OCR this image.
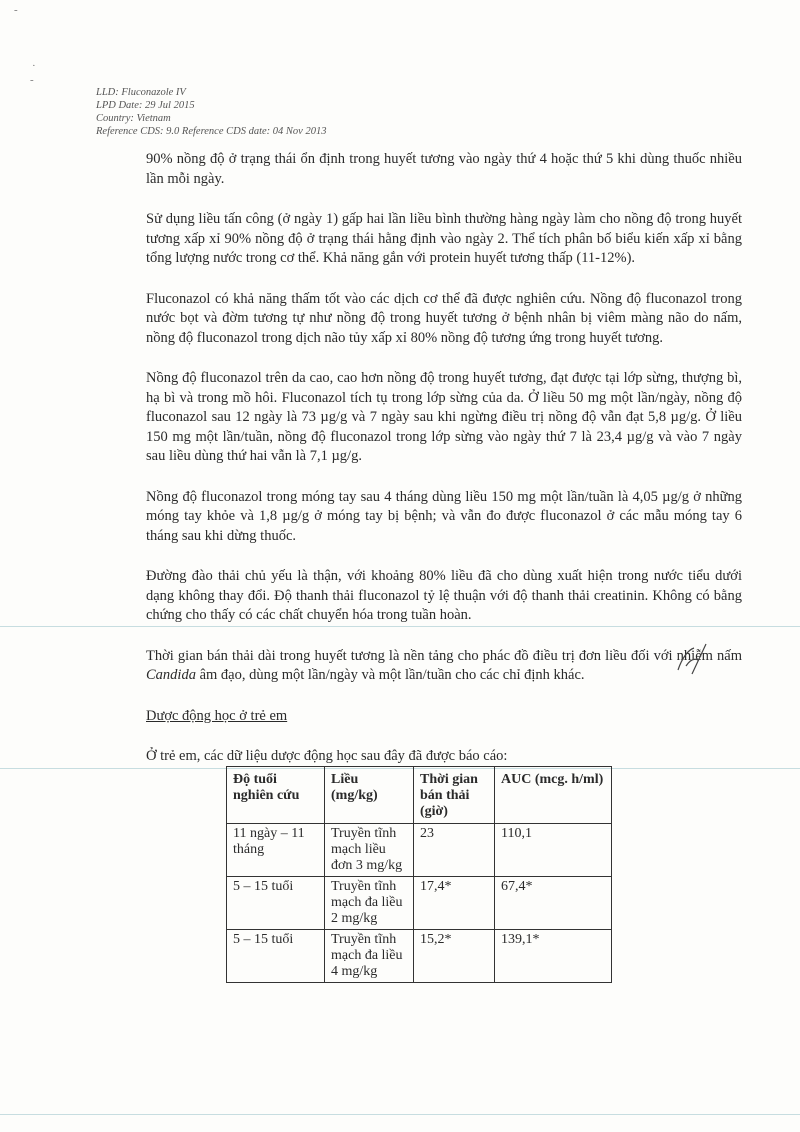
-
·
-
LLD: Fluconazole IV
LPD Date: 29 Jul 2015
Country: Vietnam
Reference CDS: 9.0 Reference CDS date: 04 Nov 2013

90% nồng độ ở trạng thái ổn định trong huyết tương vào ngày thứ 4 hoặc thứ 5 khi dùng thuốc nhiều lần mỗi ngày.

Sử dụng liều tấn công (ở ngày 1) gấp hai lần liều bình thường hàng ngày làm cho nồng độ trong huyết tương xấp xỉ 90% nồng độ ở trạng thái hằng định vào ngày 2. Thể tích phân bố biểu kiến xấp xỉ bằng tổng lượng nước trong cơ thể. Khả năng gắn với protein huyết tương thấp (11-12%).

Fluconazol có khả năng thấm tốt vào các dịch cơ thể đã được nghiên cứu. Nồng độ fluconazol trong nước bọt và đờm tương tự như nồng độ trong huyết tương ở bệnh nhân bị viêm màng não do nấm, nồng độ fluconazol trong dịch não tủy xấp xỉ 80% nồng độ tương ứng trong huyết tương.

Nồng độ fluconazol trên da cao, cao hơn nồng độ trong huyết tương, đạt được tại lớp sừng, thượng bì, hạ bì và trong mồ hôi. Fluconazol tích tụ trong lớp sừng của da. Ở liều 50 mg một lần/ngày, nồng độ fluconazol sau 12 ngày là 73 µg/g và 7 ngày sau khi ngừng điều trị nồng độ vẫn đạt 5,8 µg/g. Ở liều 150 mg một lần/tuần, nồng độ fluconazol trong lớp sừng vào ngày thứ 7 là 23,4 µg/g và vào 7 ngày sau liều dùng thứ hai vẫn là 7,1 µg/g.

Nồng độ fluconazol trong móng tay sau 4 tháng dùng liều 150 mg một lần/tuần là 4,05 µg/g ở những móng tay khỏe và 1,8 µg/g ở móng tay bị bệnh; và vẫn đo được fluconazol ở các mẫu móng tay 6 tháng sau khi dừng thuốc.

Đường đào thải chủ yếu là thận, với khoảng 80% liều đã cho dùng xuất hiện trong nước tiểu dưới dạng không thay đổi. Độ thanh thải fluconazol tỷ lệ thuận với độ thanh thải creatinin. Không có bằng chứng cho thấy có các chất chuyển hóa trong tuần hoàn.

Thời gian bán thải dài trong huyết tương là nền tảng cho phác đồ điều trị đơn liều đối với nhiễm nấm Candida âm đạo, dùng một lần/ngày và một lần/tuần cho các chỉ định khác.

Dược động học ở trẻ em

Ở trẻ em, các dữ liệu dược động học sau đây đã được báo cáo:

Độ tuổi nghiên cứu	Liều (mg/kg)	Thời gian bán thải (giờ)	AUC (mcg. h/ml)
11 ngày – 11 tháng	Truyền tĩnh mạch liều đơn 3 mg/kg	23	110,1
5 – 15 tuổi	Truyền tĩnh mạch đa liều 2 mg/kg	17,4*	67,4*
5 – 15 tuổi	Truyền tĩnh mạch đa liều 4 mg/kg	15,2*	139,1*
